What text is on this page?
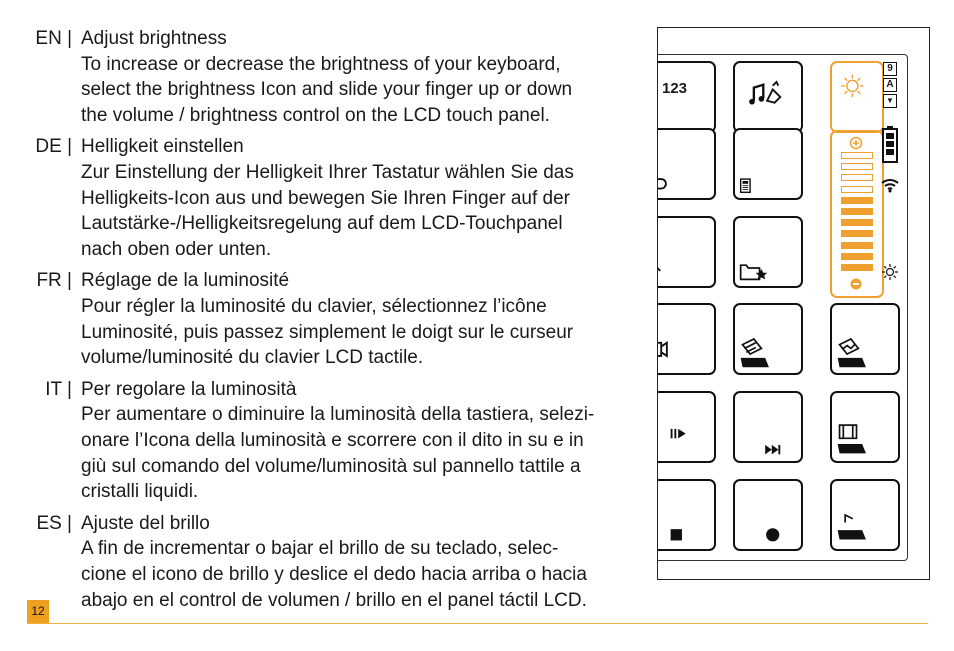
EN | Adjust brightness
To increase or decrease the brightness of your keyboard,
select the brightness Icon and slide your finger up or down
the volume / brightness control on the LCD touch panel.
DE | Helligkeit einstellen
Zur Einstellung der Helligkeit Ihrer Tastatur wählen Sie das
Helligkeits-Icon aus und bewegen Sie Ihren Finger auf der
Lautstärke-/Helligkeitsregelung auf dem LCD-Touchpanel
nach oben oder unten.
FR | Réglage de la luminosité
Pour régler la luminosité du clavier, sélectionnez l’icône
Luminosité, puis passez simplement le doigt sur le curseur
volume/luminosité du clavier LCD tactile.
IT | Per regolare la luminosità
Per aumentare o diminuire la luminosità della tastiera, selezi-
onare l’Icona della luminosità e scorrere con il dito in su e in
giù sul comando del volume/luminosità sul pannello tattile a
cristalli liquidi.
ES | Ajuste del brillo
A fin de incrementar o bajar el brillo de su teclado, selec-
cione el icono de brillo y deslice el dedo hacia arriba o hacia
abajo en el control de volumen / brillo en el panel táctil LCD.
12
123
9
A
▼
